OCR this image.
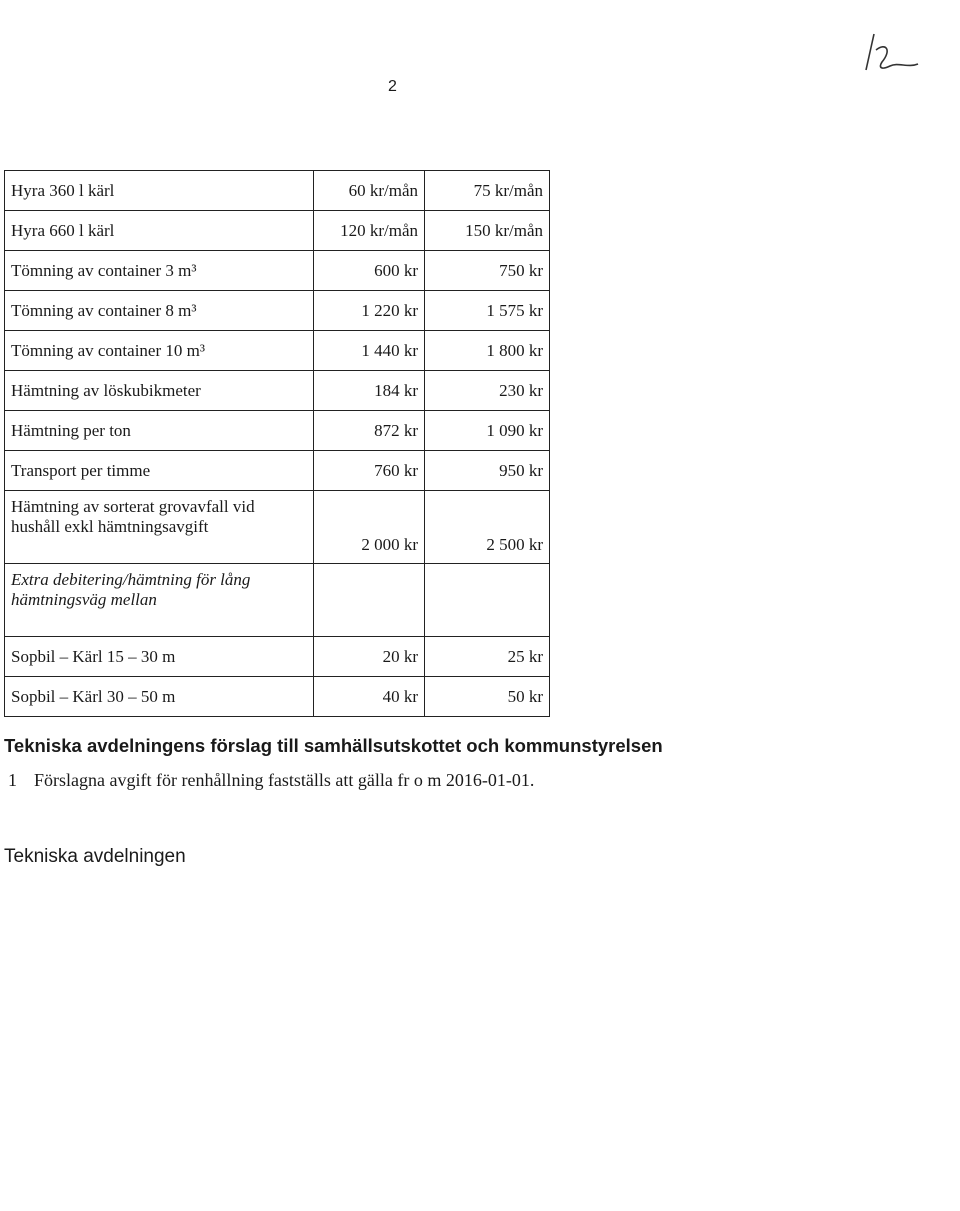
2
Hyra 360 l kärl	60 kr/mån	75 kr/mån
Hyra 660 l kärl	120 kr/mån	150 kr/mån
Tömning av container 3 m³	600 kr	750 kr
Tömning av container 8 m³	1 220 kr	1 575 kr
Tömning av container 10 m³	1 440 kr	1 800 kr
Hämtning av löskubikmeter	184 kr	230 kr
Hämtning per ton	872 kr	1 090 kr
Transport per timme	760 kr	950 kr
Hämtning av sorterat grovavfall vid
hushåll exkl hämtningsavgift	2 000 kr	2 500 kr
Extra debitering/hämtning för lång
hämtningsväg mellan		
Sopbil – Kärl 15 – 30 m	20 kr	25 kr
Sopbil – Kärl 30 – 50 m	40 kr	50 kr
Tekniska avdelningens förslag till samhällsutskottet och kommunstyrelsen
1 Förslagna avgift för renhållning fastställs att gälla fr o m 2016-01-01.
Tekniska avdelningen
